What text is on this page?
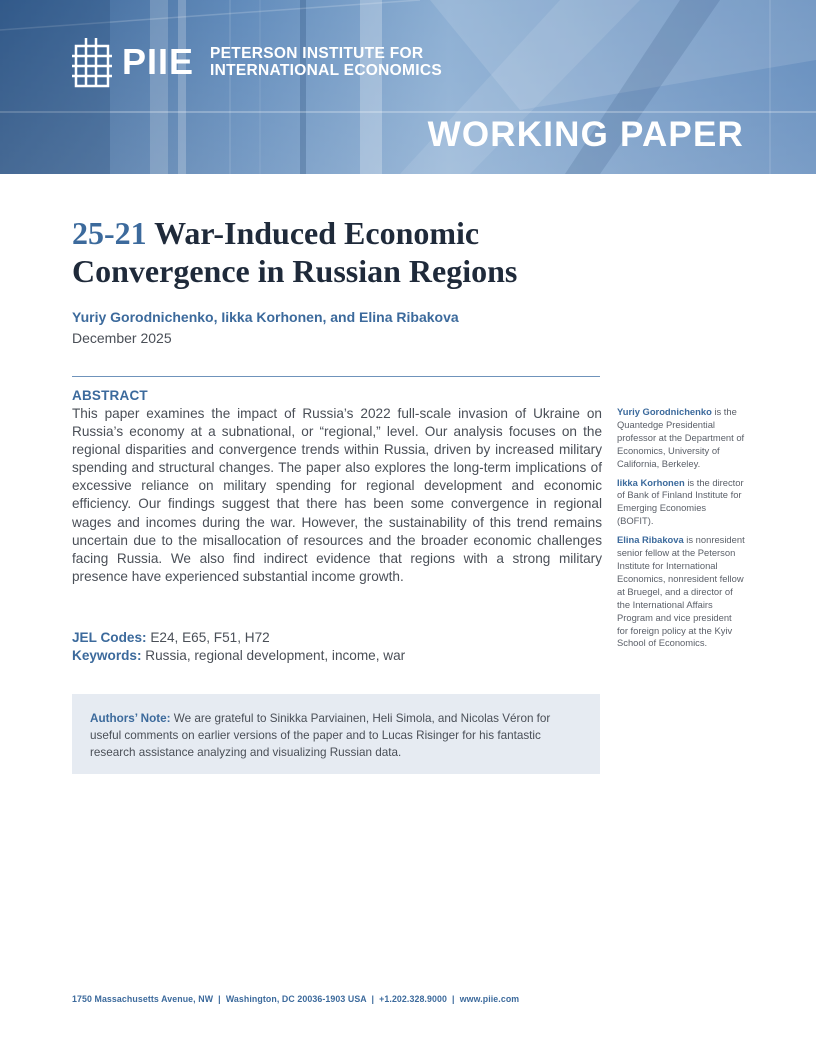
PIIE PETERSON INSTITUTE FOR
INTERNATIONAL ECONOMICS
WORKING PAPER
25-21 War-Induced Economic
Convergence in Russian Regions
Yuriy Gorodnichenko, Iikka Korhonen, and Elina Ribakova
December 2025
ABSTRACT
This paper examines the impact of Russia’s 2022 full-scale invasion of Ukraine on Russia’s economy at a subnational, or “regional,” level. Our analysis focuses on the regional disparities and convergence trends within Russia, driven by increased military spending and structural changes. The paper also explores the long-term implications of excessive reliance on military spending for regional development and economic efficiency. Our findings suggest that there has been some convergence in regional wages and incomes during the war. However, the sustainability of this trend remains uncertain due to the misallocation of resources and the broader economic challenges facing Russia. We also find indirect evidence that regions with a strong military presence have experienced substantial income growth.
JEL Codes: E24, E65, F51, H72
Keywords: Russia, regional development, income, war
Authors’ Note: We are grateful to Sinikka Parviainen, Heli Simola, and Nicolas Véron for useful comments on earlier versions of the paper and to Lucas Risinger for his fantastic research assistance analyzing and visualizing Russian data.
Yuriy Gorodnichenko is the Quantedge Presidential professor at the Department of Economics, University of California, Berkeley.
Iikka Korhonen is the director of Bank of Finland Institute for Emerging Economies (BOFIT).
Elina Ribakova is nonresident senior fellow at the Peterson Institute for International Economics, nonresident fellow at Bruegel, and a director of the International Affairs Program and vice president for foreign policy at the Kyiv School of Economics.
1750 Massachusetts Avenue, NW  |  Washington, DC 20036-1903 USA  |  +1.202.328.9000  |  www.piie.com
